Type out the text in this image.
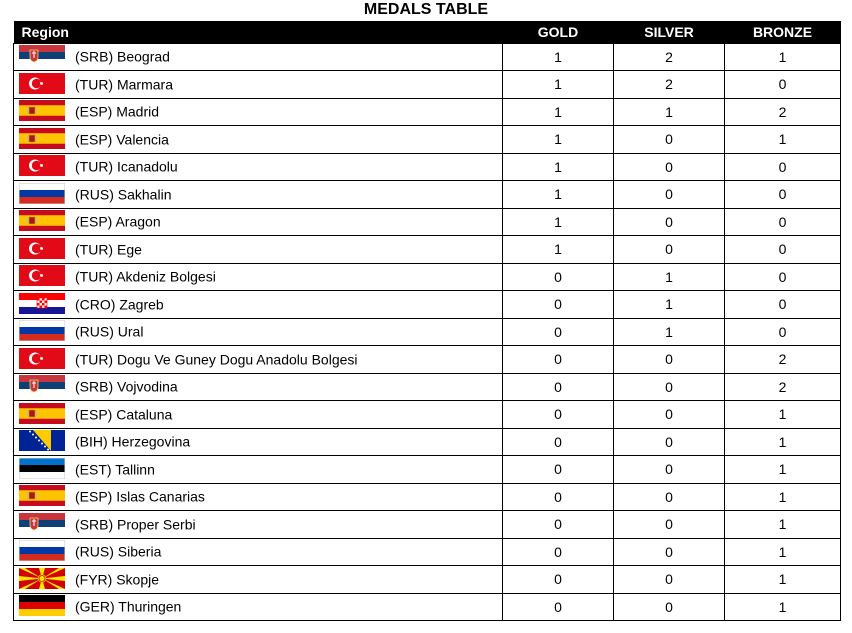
MEDALS TABLE
Region	GOLD	SILVER	BRONZE

(SRB) Beograd	1	2	1

(TUR) Marmara	1	2	0

(ESP) Madrid	1	1	2

(ESP) Valencia	1	0	1

(TUR) Icanadolu	1	0	0

(RUS) Sakhalin	1	0	0

(ESP) Aragon	1	0	0

(TUR) Ege	1	0	0

(TUR) Akdeniz Bolgesi	0	1	0

(CRO) Zagreb	0	1	0

(RUS) Ural	0	1	0

(TUR) Dogu Ve Guney Dogu Anadolu Bolgesi	0	0	2

(SRB) Vojvodina	0	0	2

(ESP) Cataluna	0	0	1

(BIH) Herzegovina	0	0	1

(EST) Tallinn	0	0	1

(ESP) Islas Canarias	0	0	1

(SRB) Proper Serbi	0	0	1

(RUS) Siberia	0	0	1

(FYR) Skopje	0	0	1

(GER) Thuringen	0	0	1
